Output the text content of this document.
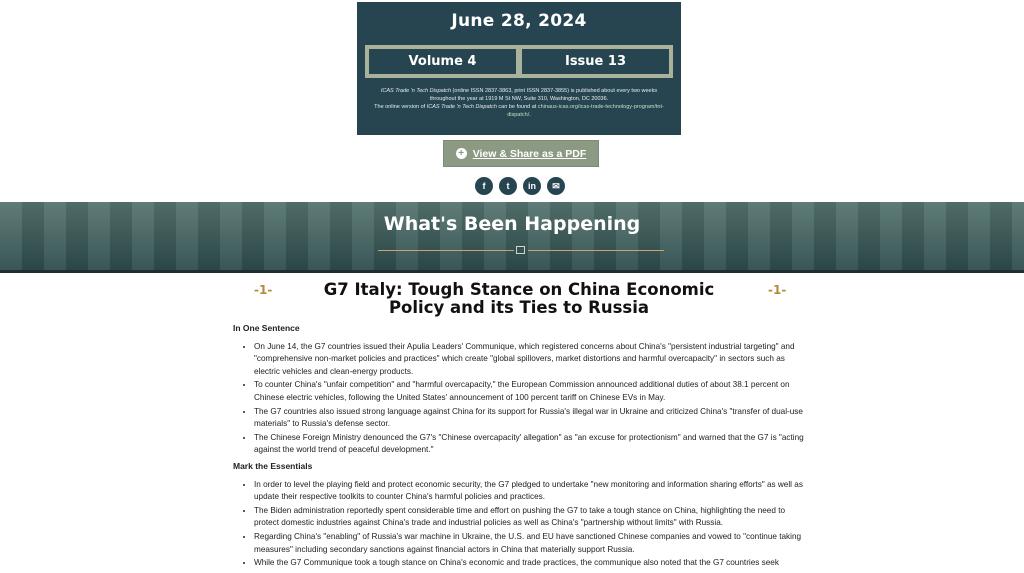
June 28, 2024
Volume 4	Issue 13
ICAS Trade 'n Tech Dispatch (online ISSN 2837-3863, print ISSN 2837-3855) is published about every two weeks throughout the year at 1919 M St NW, Suite 310, Washington, DC 20036.
The online version of ICAS Trade 'n Tech Dispatch can be found at chinaus-icas.org/icas-trade-technology-program/tnt-dispatch/.
+ View & Share as a PDF
f	t	in	✉
What's Been Happening
-1-	G7 Italy: Tough Stance on China Economic Policy and its Ties to Russia
-1-
In One Sentence
• On June 14, the G7 countries issued their Apulia Leaders' Communique, which registered concerns about China's "persistent industrial targeting" and "comprehensive non-market policies and practices" which create "global spillovers, market distortions and harmful overcapacity" in sectors such as electric vehicles and clean-energy products.
• To counter China's "unfair competition" and "harmful overcapacity," the European Commission announced additional duties of about 38.1 percent on Chinese electric vehicles, following the United States' announcement of 100 percent tariff on Chinese EVs in May.
• The G7 countries also issued strong language against China for its support for Russia's illegal war in Ukraine and criticized China's "transfer of dual-use materials" to Russia's defense sector.
• The Chinese Foreign Ministry denounced the G7's "Chinese overcapacity' allegation" as "an excuse for protectionism" and warned that the G7 is "acting against the world trend of peaceful development."
Mark the Essentials
• In order to level the playing field and protect economic security, the G7 pledged to undertake "new monitoring and information sharing efforts" as well as update their respective toolkits to counter China's harmful policies and practices.
• The Biden administration reportedly spent considerable time and effort on pushing the G7 to take a tough stance on China, highlighting the need to protect domestic industries against China's trade and industrial policies as well as China's "partnership without limits" with Russia.
• Regarding China's "enabling" of Russia's war machine in Ukraine, the U.S. and EU have sanctioned Chinese companies and vowed to "continue taking measures" including secondary sanctions against financial actors in China that materially support Russia.
• While the G7 Communique took a tough stance on China's economic and trade practices, the communique also noted that the G7 countries seek
